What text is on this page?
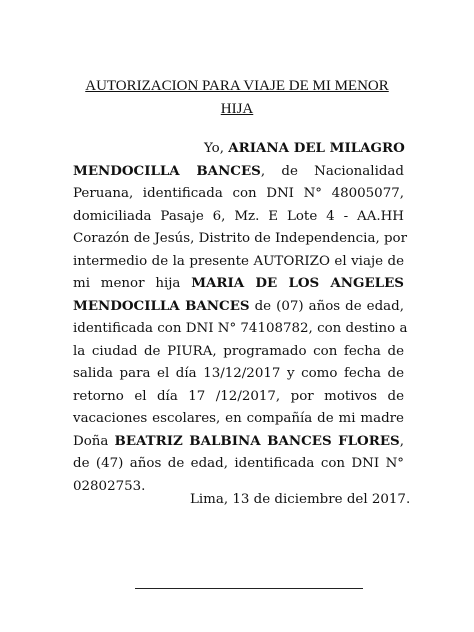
AUTORIZACION PARA VIAJE DE MI MENOR
HIJA
Yo, ARIANA DEL MILAGRO
MENDOCILLA BANCES, de Nacionalidad
Peruana, identificada con DNI N° 48005077,
domiciliada Pasaje 6, Mz. E Lote 4 - AA.HH
Corazón de Jesús, Distrito de Independencia, por
intermedio de la presente AUTORIZO el viaje de
mi menor hija MARIA DE LOS ANGELES
MENDOCILLA BANCES de (07) años de edad,
identificada con DNI N° 74108782, con destino a
la ciudad de PIURA, programado con fecha de
salida para el día 13/12/2017 y como fecha de
retorno el día 17 /12/2017, por motivos de
vacaciones escolares, en compañía de mi madre
Doña BEATRIZ BALBINA BANCES FLORES,
de (47) años de edad, identificada con DNI N°
02802753.
Lima, 13 de diciembre del 2017.
